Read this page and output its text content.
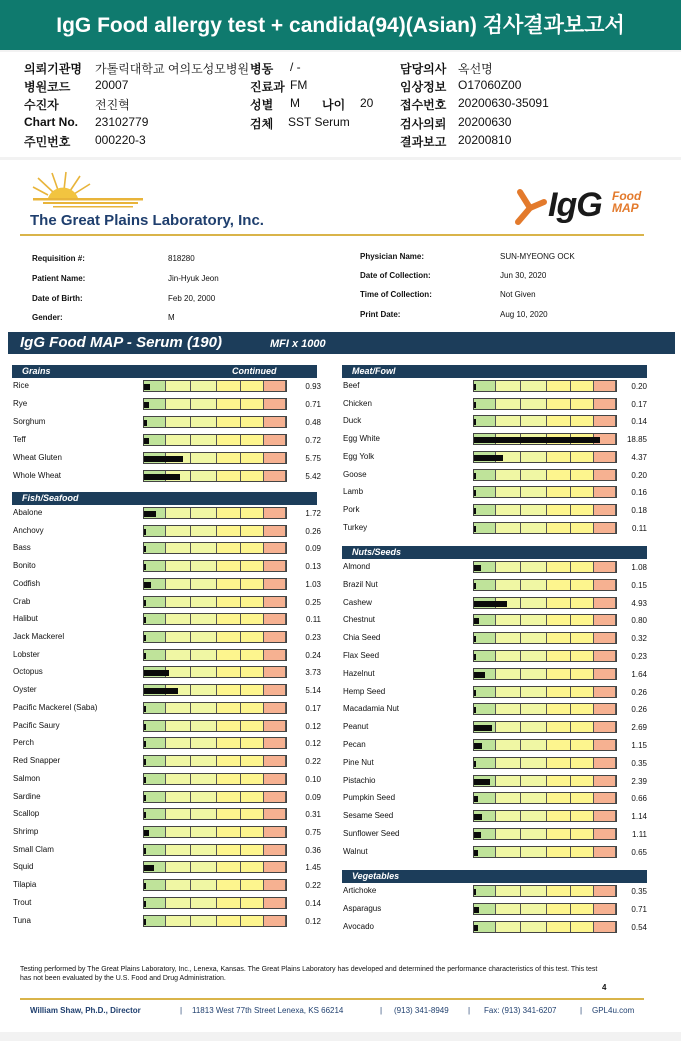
IgG Food allergy test + candida(94)(Asian) 검사결과보고서
의뢰기관명 가톨릭대학교 여의도성모병원 병동 / -	담당의사 옥선명
병원코드 20007	진료과 FM	임상정보 O17060Z00
수진자	전진혁	성별 M 나이 20 접수번호 20200630-35091
Chart No. 23102779	검체 SST Serum	검사의뢰 20200630
주민번호 000220-3	결과보고 20200810
The Great Plains Laboratory, Inc.	IgG Food
MAP
Requisition #:	818280	Physician Name:	SUN-MYEONG OCK
Patient Name:	Jin-Hyuk Jeon	Date of Collection:	Jun 30, 2020
Date of Birth:	Feb 20, 2000	Time of Collection:	Not Given
Gender:	M	Print Date:	Aug 10, 2020
IgG Food MAP - Serum (190)	MFI x 1000
Grains	Continued
Rice	0.93
Rye	0.71
Sorghum	0.48
Teff	0.72
Wheat Gluten	5.75
Whole Wheat	5.42
Fish/Seafood
Abalone	1.72
Anchovy	0.26
Bass	0.09
Bonito	0.13
Codfish	1.03
Crab	0.25
Halibut	0.11
Jack Mackerel	0.23
Lobster	0.24
Octopus	3.73
Oyster	5.14
Pacific Mackerel (Saba)	0.17
Pacific Saury	0.12
Perch	0.12
Red Snapper	0.22
Salmon	0.10
Sardine	0.09
Scallop	0.31
Shrimp	0.75
Small Clam	0.36
Squid	1.45
Tilapia	0.22
Trout	0.14
Tuna	0.12
Meat/Fowl
Beef	0.20
Chicken	0.17
Duck	0.14
Egg White	18.85
Egg Yolk	4.37
Goose	0.20
Lamb	0.16
Pork	0.18
Turkey	0.11
Nuts/Seeds
Almond	1.08
Brazil Nut	0.15
Cashew	4.93
Chestnut	0.80
Chia Seed	0.32
Flax Seed	0.23
Hazelnut	1.64
Hemp Seed	0.26
Macadamia Nut	0.26
Peanut	2.69
Pecan	1.15
Pine Nut	0.35
Pistachio	2.39
Pumpkin Seed	0.66
Sesame Seed	1.14
Sunflower Seed	1.11
Walnut	0.65
Vegetables
Artichoke	0.35
Asparagus	0.71
Avocado	0.54
Testing performed by The Great Plains Laboratory, Inc., Lenexa, Kansas. The Great Plains Laboratory has developed and determined the performance characteristics of this test. This test has not been evaluated by the U.S. Food and Drug Administration.
4
William Shaw, Ph.D., Director	| 11813 West 77th Street Lenexa, KS 66214	| (913) 341-8949 | Fax: (913) 341-6207	| GPL4u.com
